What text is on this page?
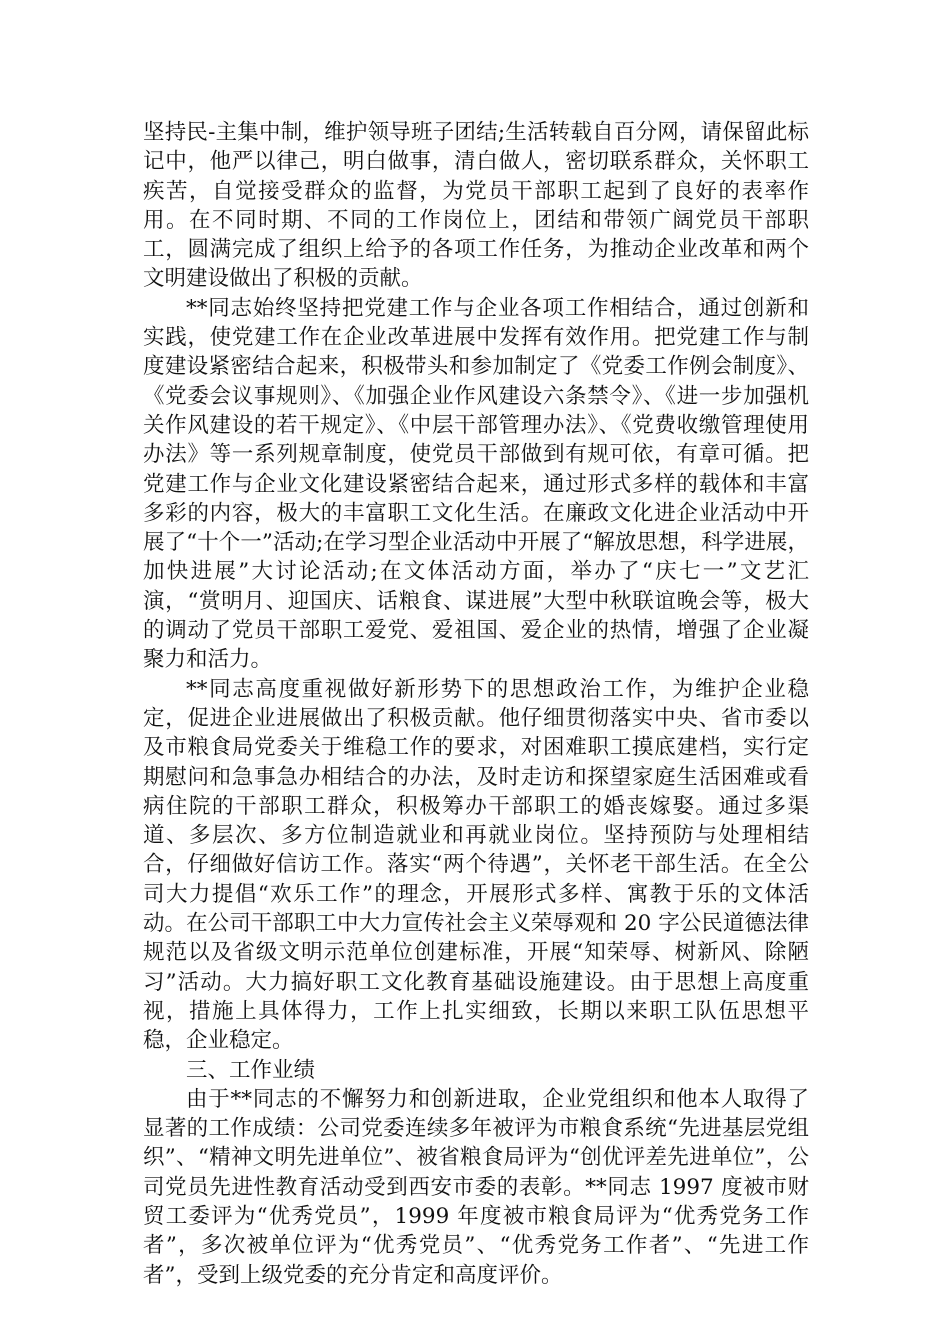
坚持民-主集中制，维护领导班子团结;生活转载自百分网，请保留此标记中，他严以律己，明白做事，清白做人，密切联系群众，关怀职工疾苦，自觉接受群众的监督，为党员干部职工起到了良好的表率作用。在不同时期、不同的工作岗位上，团结和带领广阔党员干部职工，圆满完成了组织上给予的各项工作任务，为推动企业改革和两个文明建设做出了积极的贡献。

**同志始终坚持把党建工作与企业各项工作相结合，通过创新和实践，使党建工作在企业改革进展中发挥有效作用。把党建工作与制度建设紧密结合起来，积极带头和参加制定了《党委工作例会制度》、《党委会议事规则》、《加强企业作风建设六条禁令》、《进一步加强机关作风建设的若干规定》、《中层干部管理办法》、《党费收缴管理使用办法》等一系列规章制度，使党员干部做到有规可依，有章可循。把党建工作与企业文化建设紧密结合起来，通过形式多样的载体和丰富多彩的内容，极大的丰富职工文化生活。在廉政文化进企业活动中开展了“十个一”活动;在学习型企业活动中开展了“解放思想，科学进展，加快进展”大讨论活动;在文体活动方面，举办了“庆七一”文艺汇演，“赏明月、迎国庆、话粮食、谋进展”大型中秋联谊晚会等，极大的调动了党员干部职工爱党、爱祖国、爱企业的热情，增强了企业凝聚力和活力。

**同志高度重视做好新形势下的思想政治工作，为维护企业稳定，促进企业进展做出了积极贡献。他仔细贯彻落实中央、省市委以及市粮食局党委关于维稳工作的要求，对困难职工摸底建档，实行定期慰问和急事急办相结合的办法，及时走访和探望家庭生活困难或看病住院的干部职工群众，积极筹办干部职工的婚丧嫁娶。通过多渠道、多层次、多方位制造就业和再就业岗位。坚持预防与处理相结合，仔细做好信访工作。落实“两个待遇”，关怀老干部生活。在全公司大力提倡“欢乐工作”的理念，开展形式多样、寓教于乐的文体活动。在公司干部职工中大力宣传社会主义荣辱观和 20 字公民道德法律规范以及省级文明示范单位创建标准，开展“知荣辱、树新风、除陋习”活动。大力搞好职工文化教育基础设施建设。由于思想上高度重视，措施上具体得力，工作上扎实细致，长期以来职工队伍思想平稳，企业稳定。

三、工作业绩

由于**同志的不懈努力和创新进取，企业党组织和他本人取得了显著的工作成绩：公司党委连续多年被评为市粮食系统“先进基层党组织”、“精神文明先进单位”、被省粮食局评为“创优评差先进单位”，公司党员先进性教育活动受到西安市委的表彰。**同志 1997 度被市财贸工委评为“优秀党员”，1999 年度被市粮食局评为“优秀党务工作者”，多次被单位评为“优秀党员”、“优秀党务工作者”、“先进工作者”，受到上级党委的充分肯定和高度评价。
